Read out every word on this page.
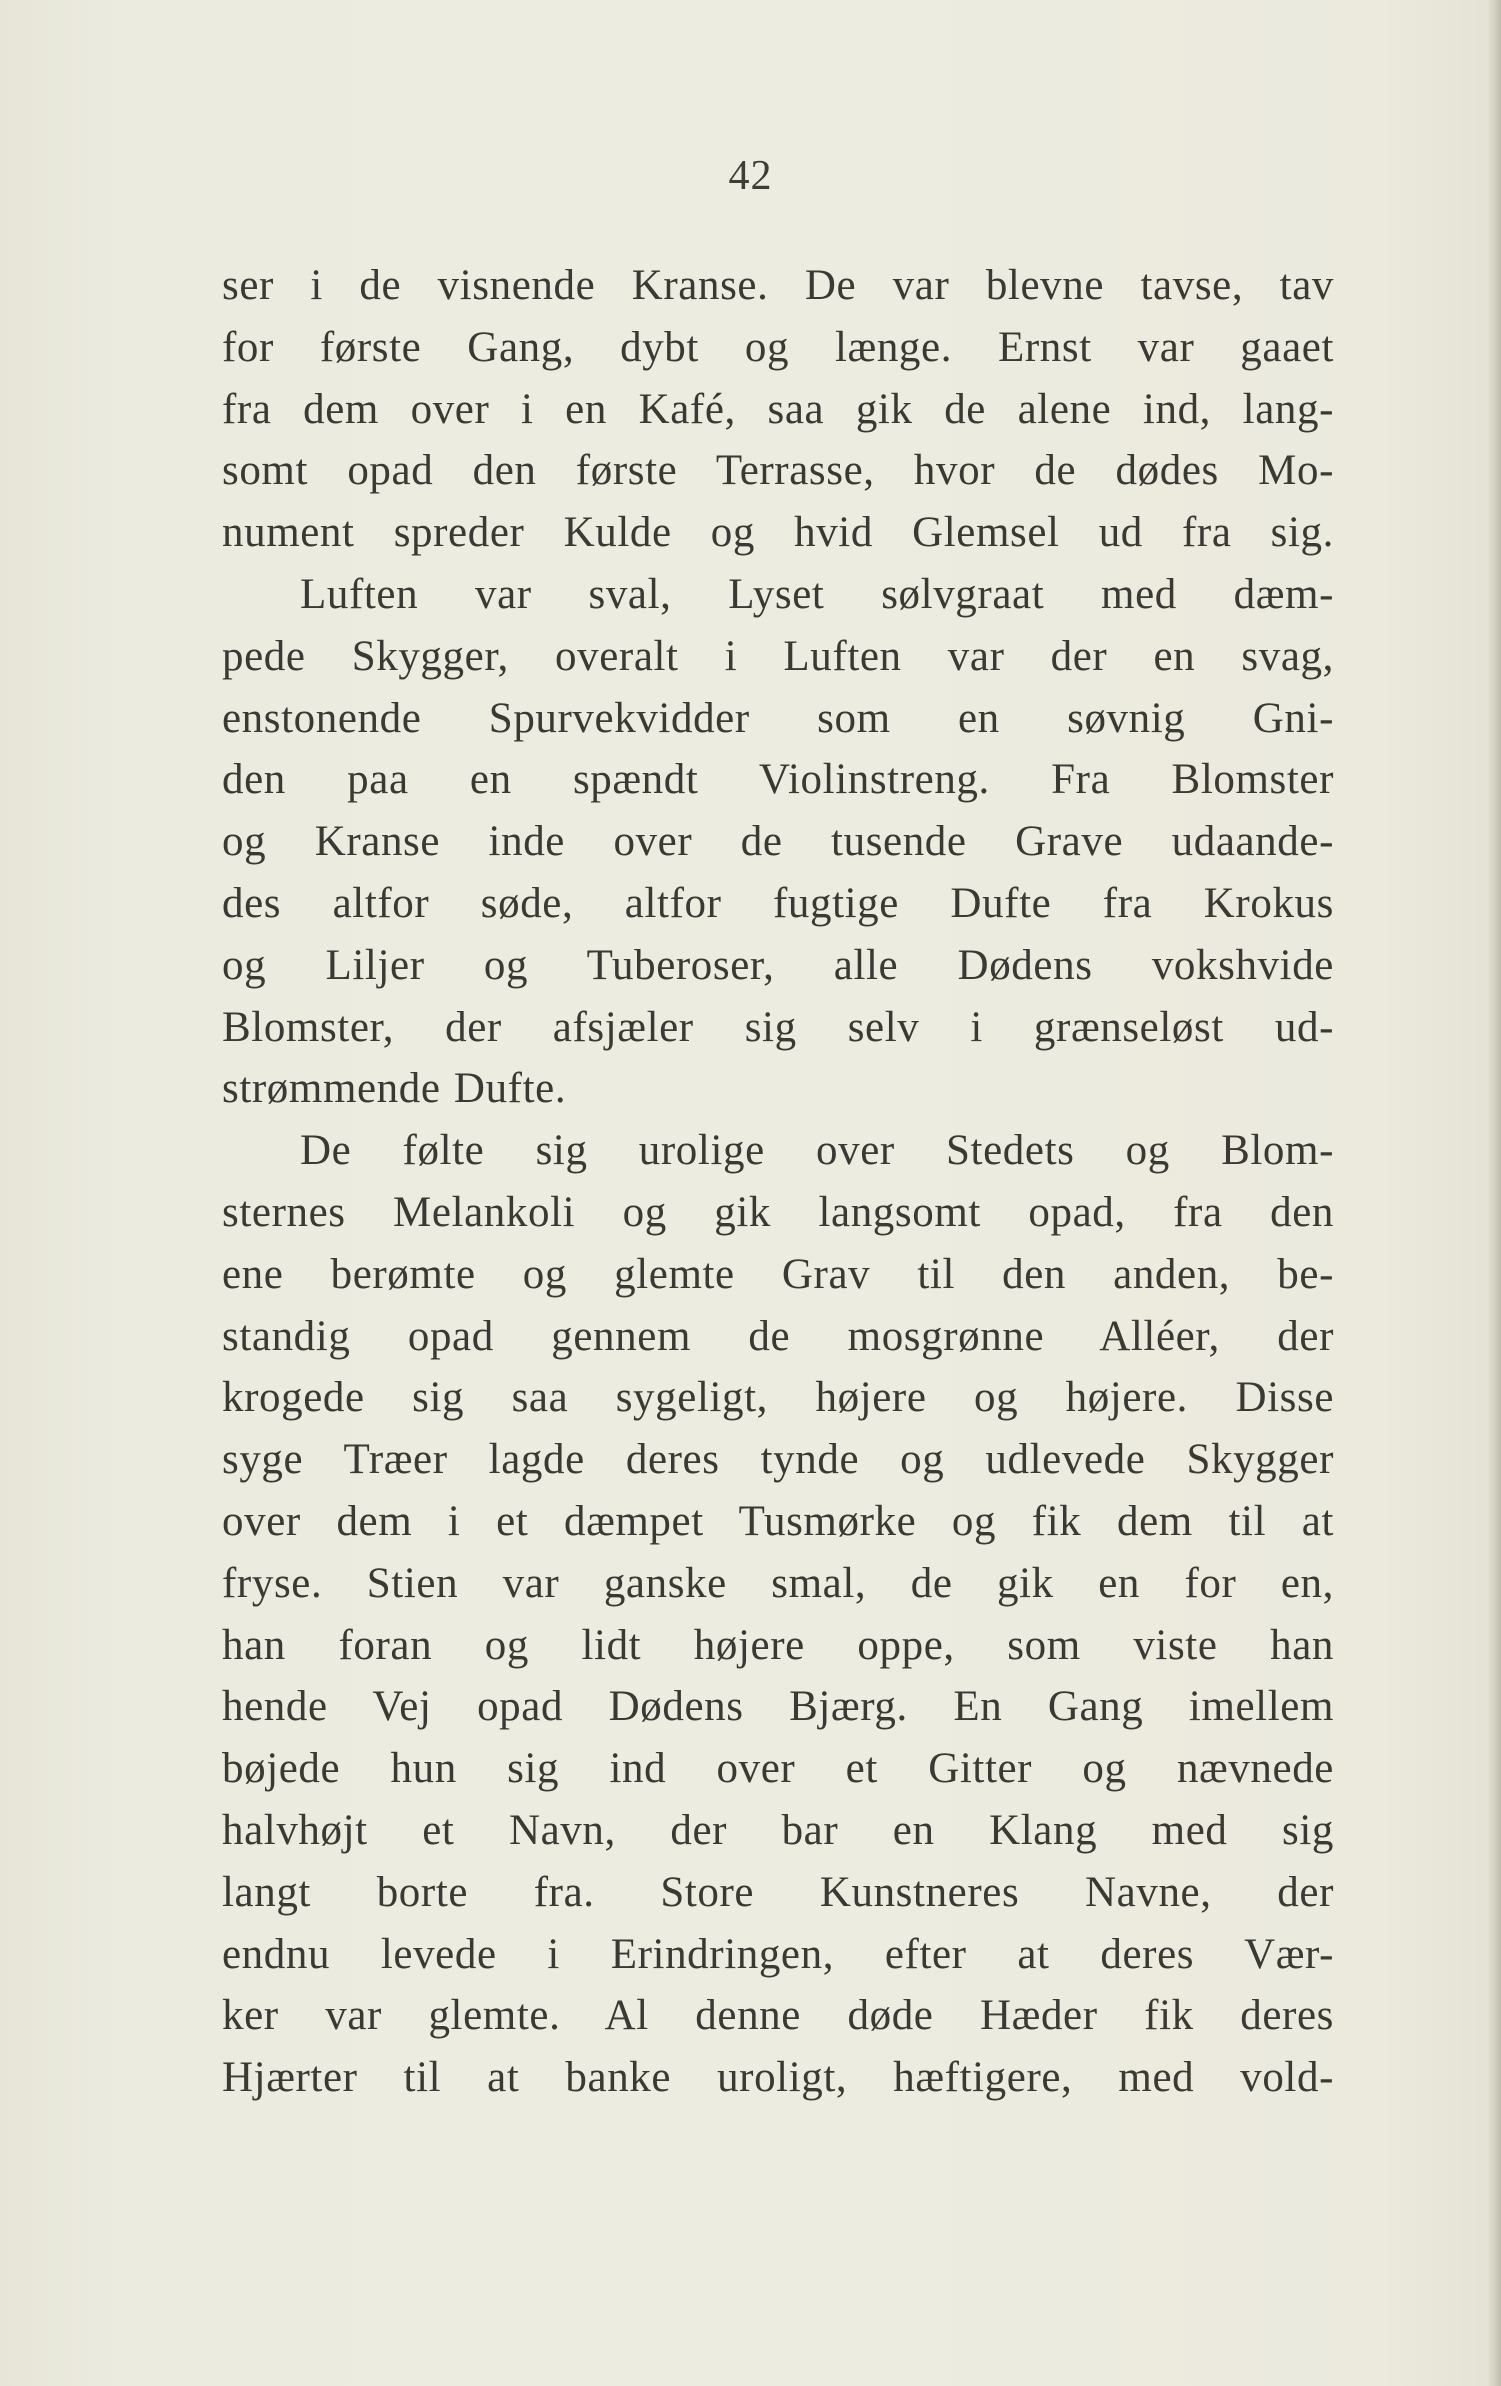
42
ser i de visnende Kranse. De var blevne tavse, tav
for første Gang, dybt og længe. Ernst var gaaet
fra dem over i en Kafé, saa gik de alene ind, lang-
somt opad den første Terrasse, hvor de dødes Mo-
nument spreder Kulde og hvid Glemsel ud fra sig.
Luften var sval, Lyset sølvgraat med dæm-
pede Skygger, overalt i Luften var der en svag,
enstonende Spurvekvidder som en søvnig Gni-
den paa en spændt Violinstreng. Fra Blomster
og Kranse inde over de tusende Grave udaande-
des altfor søde, altfor fugtige Dufte fra Krokus
og Liljer og Tuberoser, alle Dødens vokshvide
Blomster, der afsjæler sig selv i grænseløst ud-
strømmende Dufte.
De følte sig urolige over Stedets og Blom-
sternes Melankoli og gik langsomt opad, fra den
ene berømte og glemte Grav til den anden, be-
standig opad gennem de mosgrønne Alléer, der
krogede sig saa sygeligt, højere og højere. Disse
syge Træer lagde deres tynde og udlevede Skygger
over dem i et dæmpet Tusmørke og fik dem til at
fryse. Stien var ganske smal, de gik en for en,
han foran og lidt højere oppe, som viste han
hende Vej opad Dødens Bjærg. En Gang imellem
bøjede hun sig ind over et Gitter og nævnede
halvhøjt et Navn, der bar en Klang med sig
langt borte fra. Store Kunstneres Navne, der
endnu levede i Erindringen, efter at deres Vær-
ker var glemte. Al denne døde Hæder fik deres
Hjærter til at banke uroligt, hæftigere, med vold-
